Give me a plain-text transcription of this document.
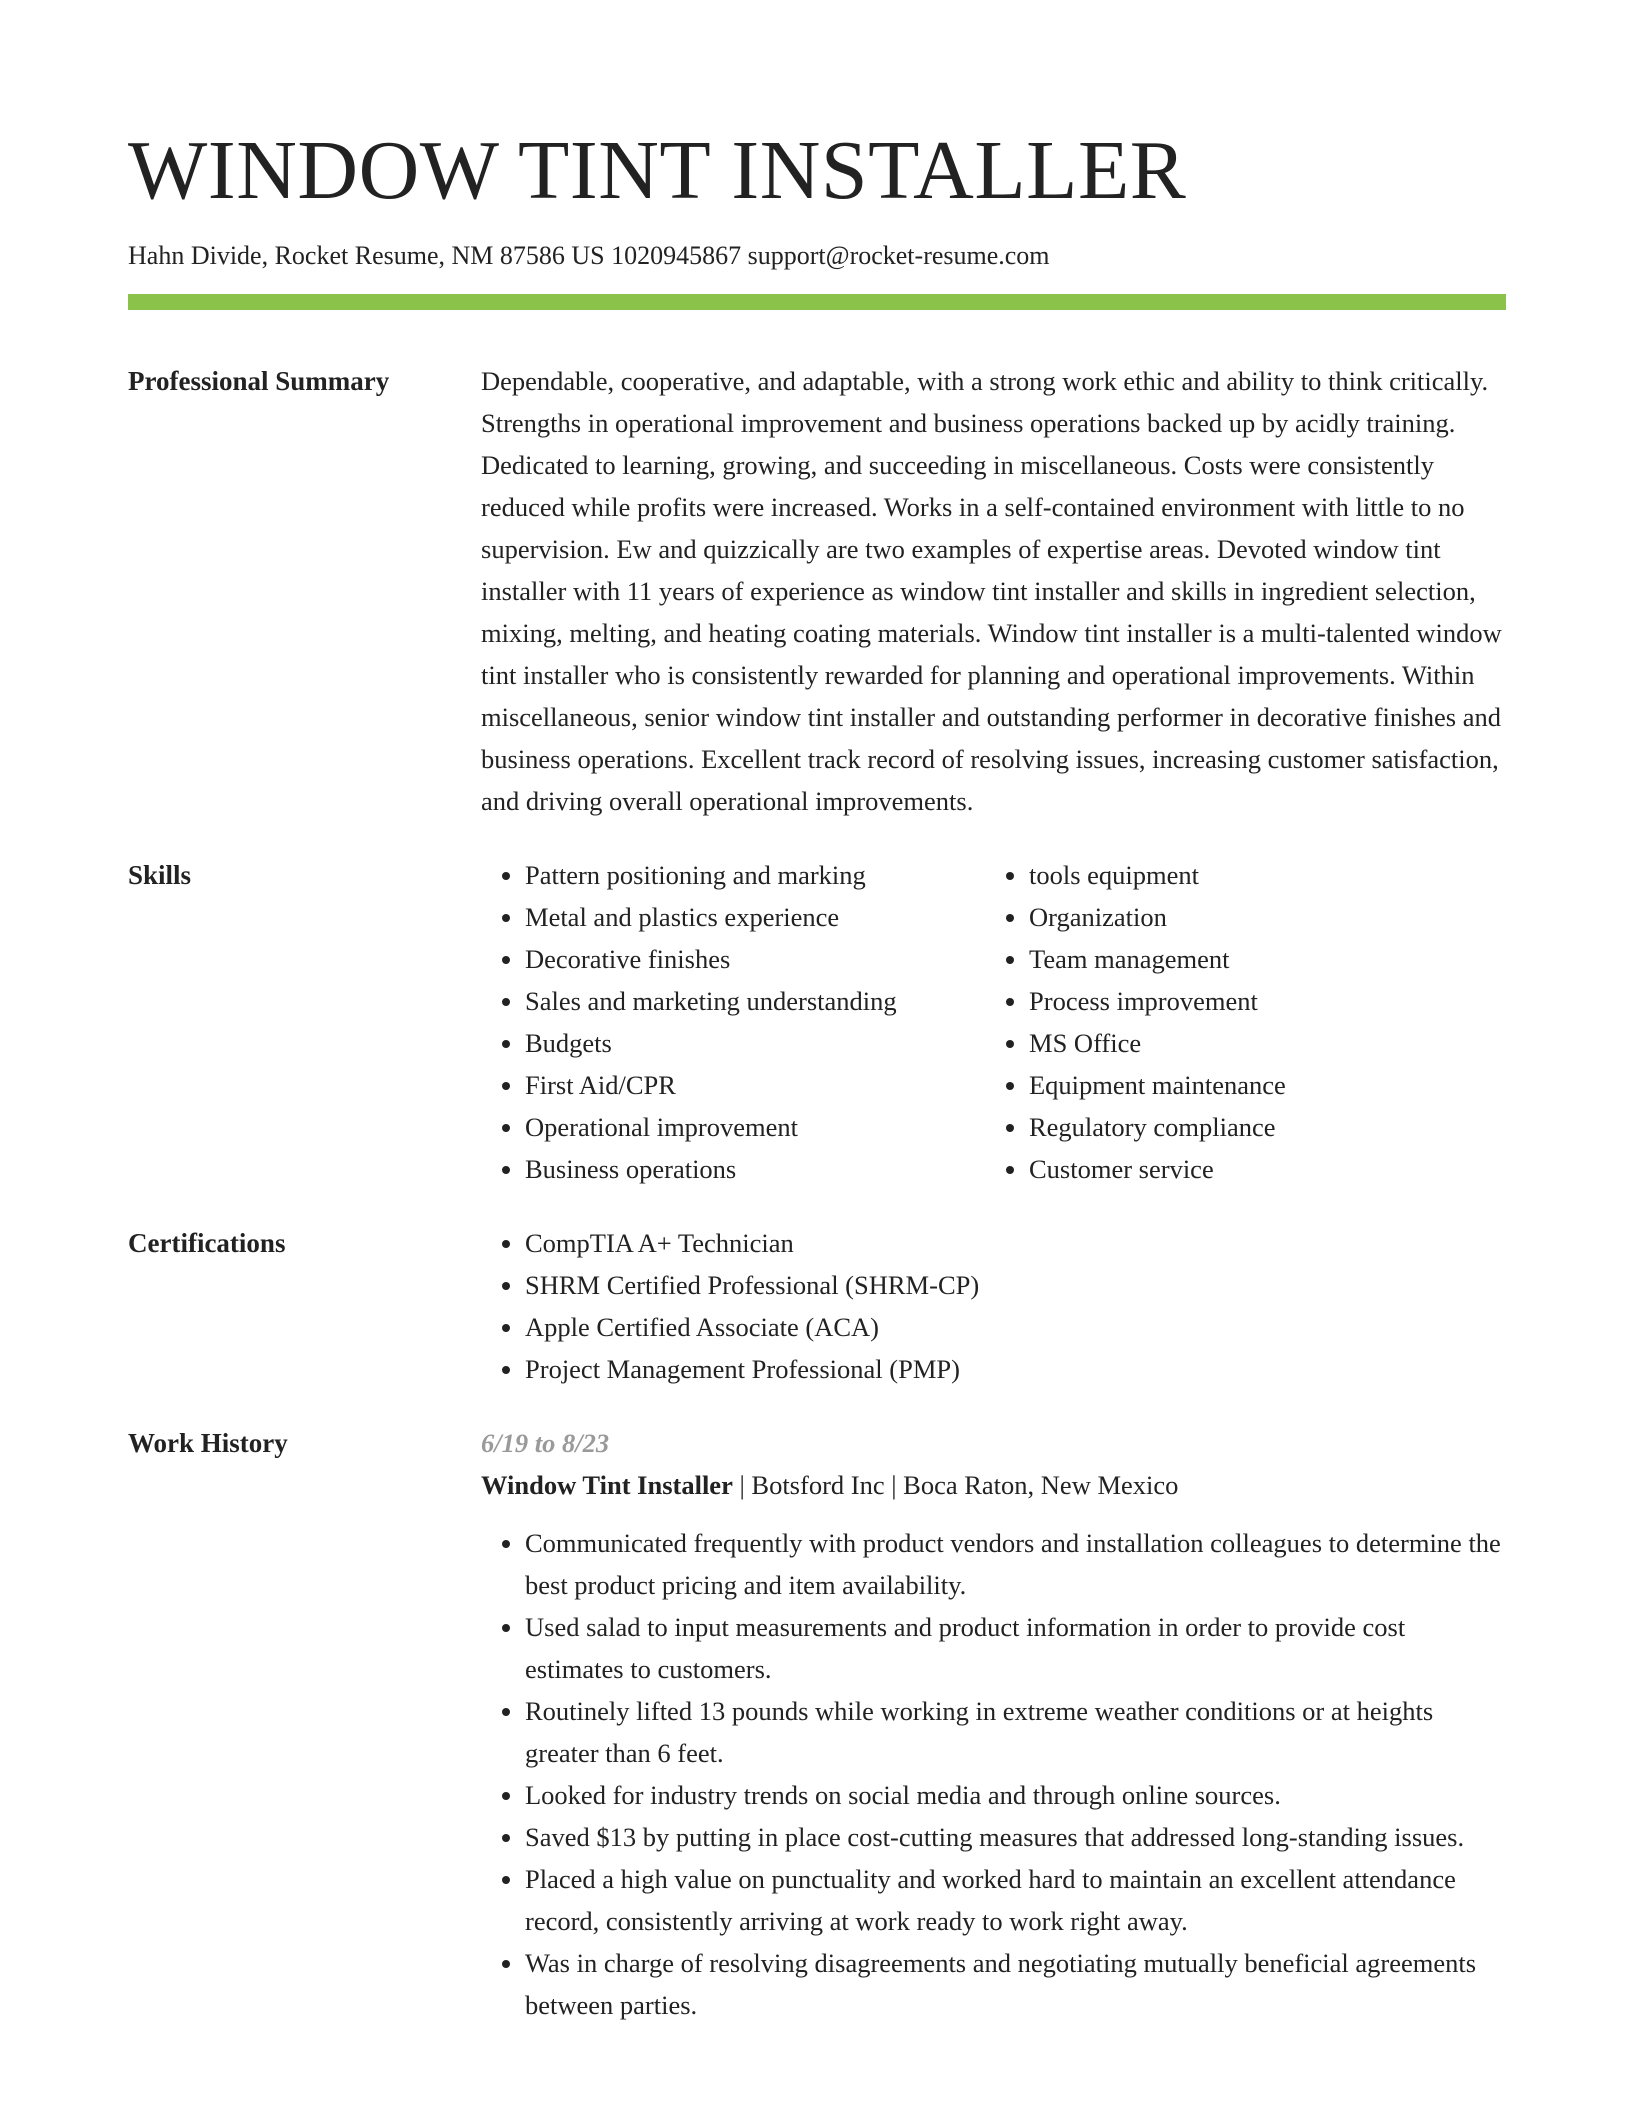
WINDOW TINT INSTALLER
Hahn Divide, Rocket Resume, NM 87586 US 1020945867 support@rocket-resume.com
Professional Summary	Dependable, cooperative, and adaptable, with a strong work ethic and ability to think critically. Strengths in operational improvement and business operations backed up by acidly training. Dedicated to learning, growing, and succeeding in miscellaneous. Costs were consistently reduced while profits were increased. Works in a self-contained environment with little to no supervision. Ew and quizzically are two examples of expertise areas. Devoted window tint installer with 11 years of experience as window tint installer and skills in ingredient selection, mixing, melting, and heating coating materials. Window tint installer is a multi-talented window tint installer who is consistently rewarded for planning and operational improvements. Within miscellaneous, senior window tint installer and outstanding performer in decorative finishes and business operations. Excellent track record of resolving issues, increasing customer satisfaction, and driving overall operational improvements.
Skills	• Pattern positioning and marking
• Metal and plastics experience
• Decorative finishes
• Sales and marketing understanding
• Budgets
• First Aid/CPR
• Operational improvement
• Business operations
• tools equipment
• Organization
• Team management
• Process improvement
• MS Office
• Equipment maintenance
• Regulatory compliance
• Customer service
Certifications	• CompTIA A+ Technician
• SHRM Certified Professional (SHRM-CP)
• Apple Certified Associate (ACA)
• Project Management Professional (PMP)
Work History	6/19 to 8/23
Window Tint Installer | Botsford Inc | Boca Raton, New Mexico
• Communicated frequently with product vendors and installation colleagues to determine the best product pricing and item availability.
• Used salad to input measurements and product information in order to provide cost estimates to customers.
• Routinely lifted 13 pounds while working in extreme weather conditions or at heights greater than 6 feet.
• Looked for industry trends on social media and through online sources.
• Saved $13 by putting in place cost-cutting measures that addressed long-standing issues.
• Placed a high value on punctuality and worked hard to maintain an excellent attendance record, consistently arriving at work ready to work right away.
• Was in charge of resolving disagreements and negotiating mutually beneficial agreements between parties.
